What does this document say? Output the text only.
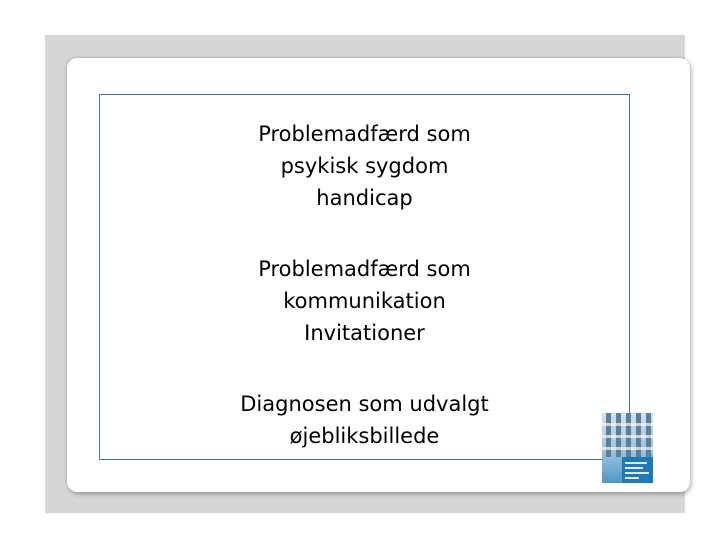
Problemadfærd som
psykisk sygdom
handicap
Problemadfærd som
kommunikation
Invitationer
Diagnosen som udvalgt
øjebliksbillede
